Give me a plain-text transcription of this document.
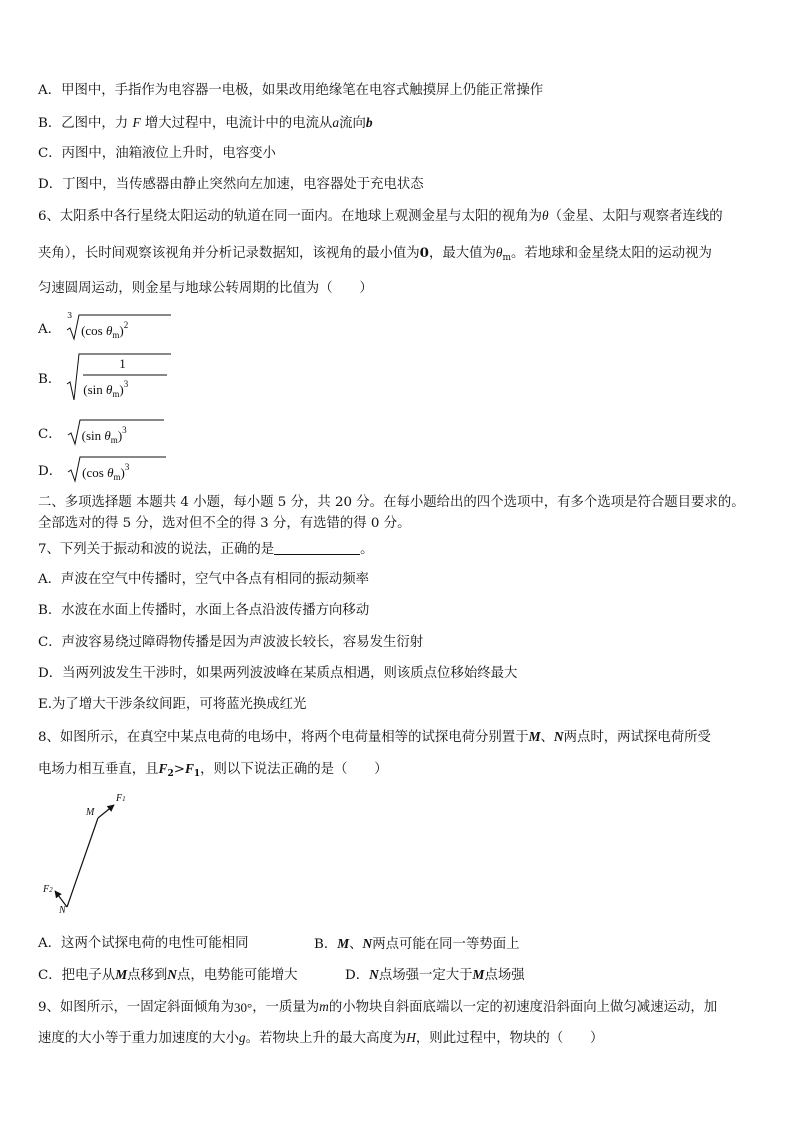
A．甲图中，手指作为电容器一电极，如果改用绝缘笔在电容式触摸屏上仍能正常操作
B．乙图中，力 F 增大过程中，电流计中的电流从a流向b
C．丙图中，油箱液位上升时，电容变小
D．丁图中，当传感器由静止突然向左加速，电容器处于充电状态
6、太阳系中各行星绕太阳运动的轨道在同一面内。在地球上观测金星与太阳的视角为θ（金星、太阳与观察者连线的
夹角），长时间观察该视角并分析记录数据知，该视角的最小值为0，最大值为$\theta_m$。若地球和金星绕太阳的运动视为
匀速圆周运动，则金星与地球公转周期的比值为（　　）
A．
3
(cos $\theta_m)^2$
B．
1
(sin $\theta_m)^3$
C． (sin $\theta_m)^3$
D． (cos $\theta_m)^3$
二、多项选择题 本题共 4 小题，每小题 5 分，共 20 分。在每小题给出的四个选项中，有多个选项是符合题目要求的。
全部选对的得 5 分，选对但不全的得 3 分，有选错的得 0 分。
7、下列关于振动和波的说法，正确的是	。
A．声波在空气中传播时，空气中各点有相同的振动频率
B．水波在水面上传播时，水面上各点沿波传播方向移动
C．声波容易绕过障碍物传播是因为声波波长较长，容易发生衍射
D．当两列波发生干涉时，如果两列波波峰在某质点相遇，则该质点位移始终最大
E.为了增大干涉条纹间距，可将蓝光换成红光
8、如图所示，在真空中某点电荷的电场中，将两个电荷量相等的试探电荷分别置于M、N两点时，两试探电荷所受
电场力相互垂直，且$F_2>F_1$，则以下说法正确的是（　　）
M
F1
F2
N
A．这两个试探电荷的电性可能相同	B．M、N两点可能在同一等势面上
C．把电子从M点移到N点，电势能可能增大	D．N点场强一定大于M点场强
9、如图所示，一固定斜面倾角为30°，一质量为m的小物块自斜面底端以一定的初速度沿斜面向上做匀减速运动，加
速度的大小等于重力加速度的大小g。若物块上升的最大高度为H，则此过程中，物块的（　　）
